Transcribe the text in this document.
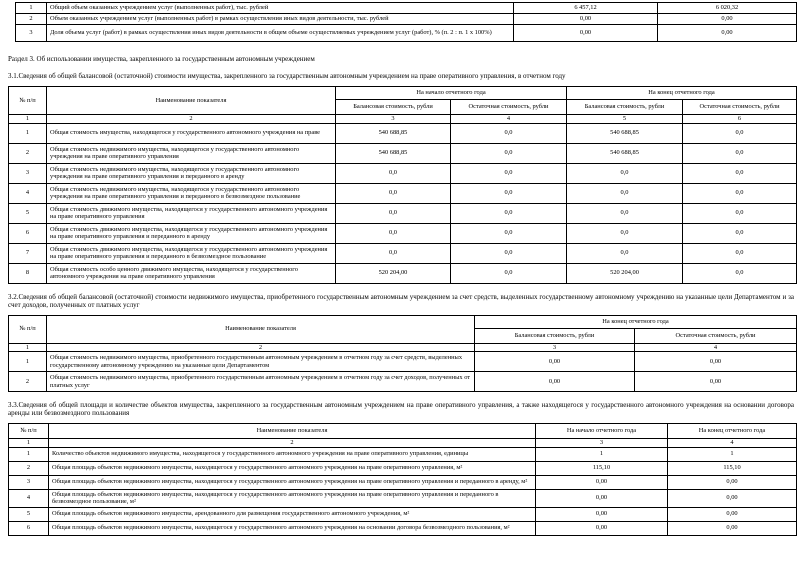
1	Общий объем оказанных учреждением услуг (выполненных работ), тыс. рублей	6 457,12	6 020,32
2	Объем оказанных учреждением услуг (выполненных работ) в рамках осуществления иных видов деятельности, тыс. рублей	0,00	0,00
3	Доля объема услуг (работ) в рамках осуществления иных видов деятельности в общем объеме осуществляемых учреждением услуг (работ), % (п. 2 : п. 1 х 100%)	0,00	0,00

Раздел 3. Об использовании имущества, закрепленного за государственным автономным учреждением

3.1.Сведения об общей балансовой (остаточной) стоимости имущества, закрепленного за государственным автономным учреждением на праве оперативного управления, в отчетном году

№ п/п	Наименование показателя	На начало отчетного года		На конец отчетного года	
		Балансовая стоимость, рубли	Остаточная стоимость, рубли	Балансовая стоимость, рубли	Остаточная стоимость, рубли
1	2	3	4	5	6
1	Общая стоимость имущества, находящегося у государственного автономного учреждения на праве	540 688,85	0,0	540 688,85	0,0
2	Общая стоимость недвижимого имущества, находящегося у государственного автономного учреждения на праве оперативного управления	540 688,85	0,0	540 688,85	0,0
3	Общая стоимость недвижимого имущества, находящегося у государственного автономного учреждения на праве оперативного управления и переданного в аренду	0,0	0,0	0,0	0,0
4	Общая стоимость недвижимого имущества, находящегося у государственного автономного учреждения на праве оперативного управления и переданного в безвозмездное пользование	0,0	0,0	0,0	0,0
5	Общая стоимость движимого имущества, находящегося у государственного автономного учреждения на праве оперативного управления	0,0	0,0	0,0	0,0
6	Общая стоимость движимого имущества, находящегося у государственного автономного учреждения на праве оперативного управления и переданного в аренду	0,0	0,0	0,0	0,0
7	Общая стоимость движимого имущества, находящегося у государственного автономного учреждения на праве оперативного управления и переданного в безвозмездное пользование	0,0	0,0	0,0	0,0
8	Общая стоимость особо ценного движимого имущества, находящегося у государственного автономного учреждения на праве оперативного управления	520 204,00	0,0	520 204,00	0,0

3.2.Сведения об общей балансовой (остаточной) стоимости недвижимого имущества, приобретенного государственным автономным учреждением за счет средств, выделенных государственному автономному учреждению на указанные цели Департаментом и за счет доходов, полученных от платных услуг

№ п/п	Наименование показателя	На конец отчетного года	
		Балансовая стоимость, рубли	Остаточная стоимость, рубли
1	2	3	4
1	Общая стоимость недвижимого имущества, приобретенного государственным автономным учреждением в отчетном году за счет средств, выделенных государственному автономному учреждению на указанные цели Департаментом	0,00	0,00
2	Общая стоимость недвижимого имущества, приобретенного государственным автономным учреждением в отчетном году за счет доходов, полученных от платных услуг	0,00	0,00

3.3.Сведения об общей площади и количестве объектов имущества, закрепленного за государственным автономным учреждением на праве оперативного управления, а также находящегося у государственного автономного учреждения на основании договора аренды или безвозмездного пользования

№ п/п	Наименование показателя	На начало отчетного года	На конец отчетного года
1	2	3	4
1	Количество объектов недвижимого имущества, находящегося у государственного автономного учреждения на праве оперативного управления, единицы	1	1
2	Общая площадь объектов недвижимого имущества, находящегося у государственного автономного учреждения на праве оперативного управления, м²	115,10	115,10
3	Общая площадь объектов недвижимого имущества, находящегося у государственного автономного учреждения на праве оперативного управления и переданного в аренду, м²	0,00	0,00
4	Общая площадь объектов недвижимого имущества, находящегося у государственного автономного учреждения на праве оперативного управления и переданного в безвозмездное пользование, м²	0,00	0,00
5	Общая площадь объектов недвижимого имущества, арендованного для размещения государственного автономного учреждения, м²	0,00	0,00
6	Общая площадь объектов недвижимого имущества, находящегося у государственного автономного учреждения на основании договора безвозмездного пользования, м²	0,00	0,00
